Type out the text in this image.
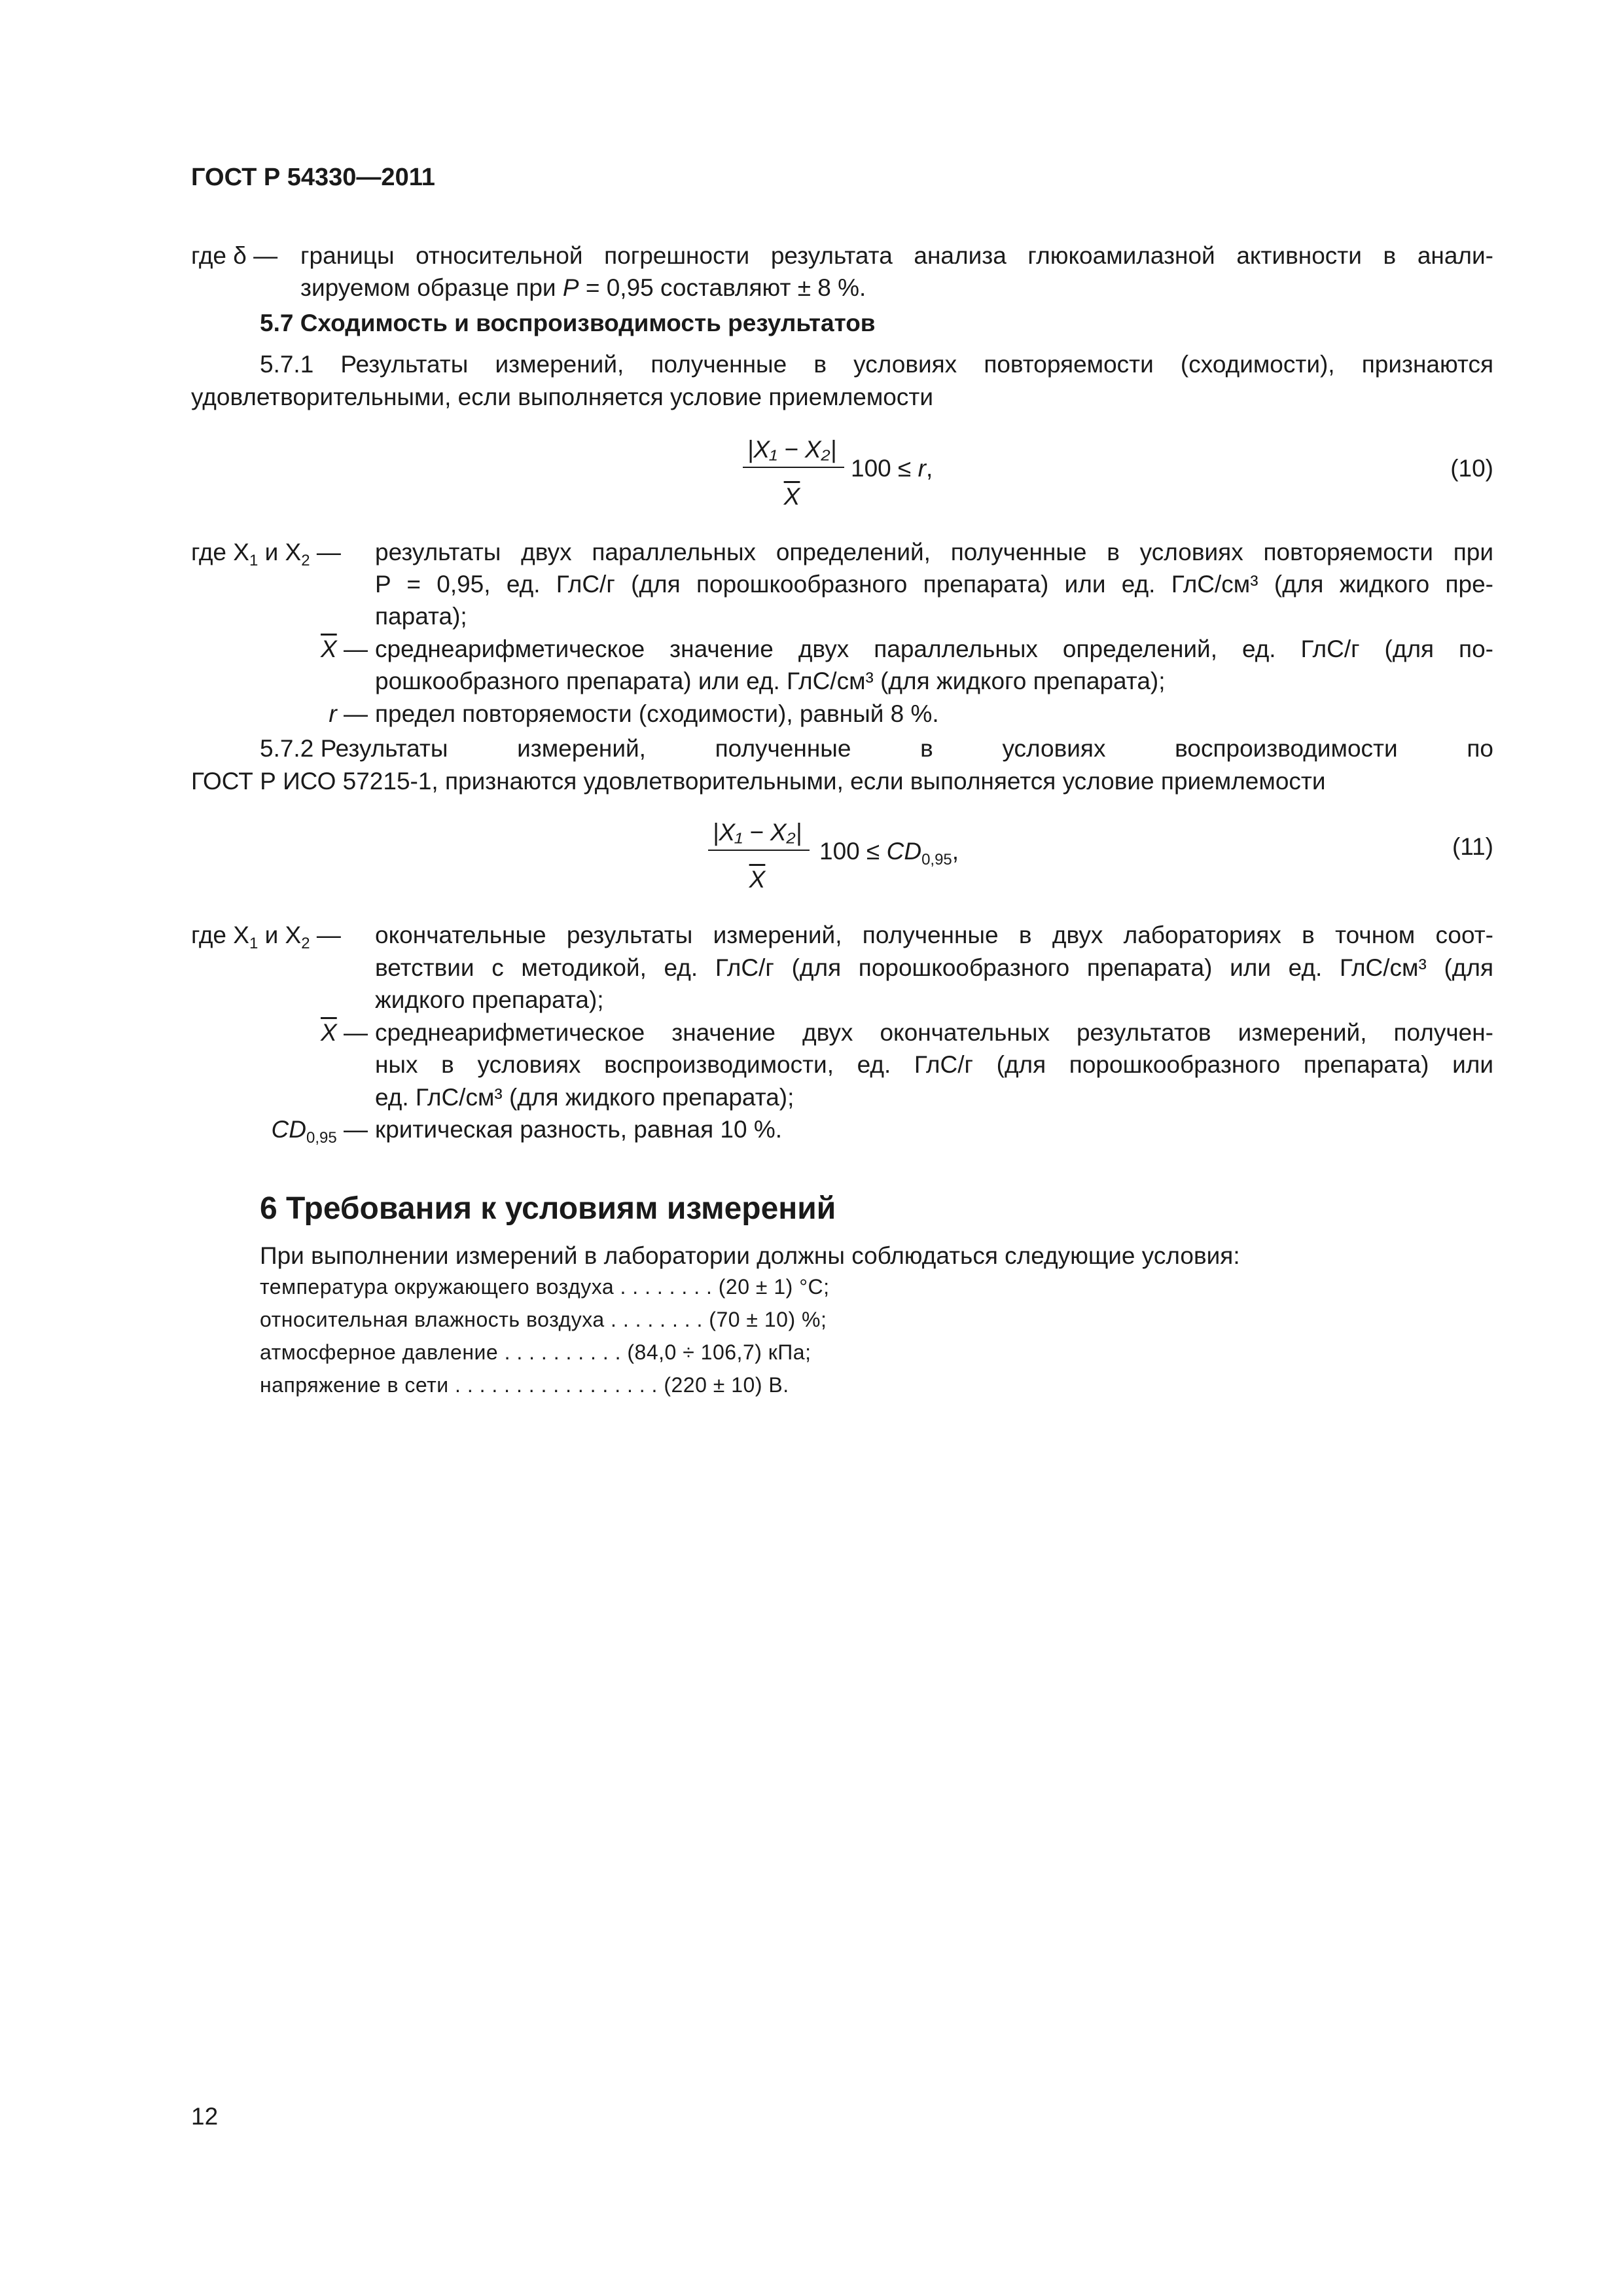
ГОСТ Р 54330—2011
где δ — границы относительной погрешности результата анализа глюкоамилазной активности в анали-
зируемом образце при P = 0,95 составляют ± 8 %.
5.7 Сходимость и воспроизводимость результатов
5.7.1 Результаты измерений, полученные в условиях повторяемости (сходимости), признаются
удовлетворительными, если выполняется условие приемлемости
|X₁ − X₂|
$\overline{X}$
100 ≤ r,	(10)
где $X_1$ и $X_2$ — результаты двух параллельных определений, полученные в условиях повторяемости при
P = 0,95, ед. ГлС/г (для порошкообразного препарата) или ед. ГлС/см³ (для жидкого пре-
парата);
$\overline{X}$ — среднеарифметическое значение двух параллельных определений, ед. ГлС/г (для по-
рошкообразного препарата) или ед. ГлС/см³ (для жидкого препарата);
r — предел повторяемости (сходимости), равный 8 %.
5.7.2 Результаты	измерений,	полученные	в	условиях	воспроизводимости	по
ГОСТ Р ИСО 57215-1, признаются удовлетворительными, если выполняется условие приемлемости
|X₁ − X₂|
$\overline{X}$
$100 \le CD_{0,95}$,	(11)
где $X_1$ и $X_2$ — окончательные результаты измерений, полученные в двух лабораториях в точном соот-
ветствии с методикой, ед. ГлС/г (для порошкообразного препарата) или ед. ГлС/см³ (для
жидкого препарата);
$\overline{X}$ — среднеарифметическое значение двух окончательных результатов измерений, получен-
ных в условиях воспроизводимости, ед. ГлС/г (для порошкообразного препарата) или
ед. ГлС/см³ (для жидкого препарата);
$CD_{0,95}$ — критическая разность, равная 10 %.
6 Требования к условиям измерений
При выполнении измерений в лаборатории должны соблюдаться следующие условия:
температура окружающего воздуха . . . . . . . . (20 ± 1) °С;
относительная влажность воздуха . . . . . . . . (70 ± 10) %;
атмосферное давление . . . . . . . . . . (84,0 ÷ 106,7) кПа;
напряжение в сети . . . . . . . . . . . . . . . . . (220 ± 10) В.
12
